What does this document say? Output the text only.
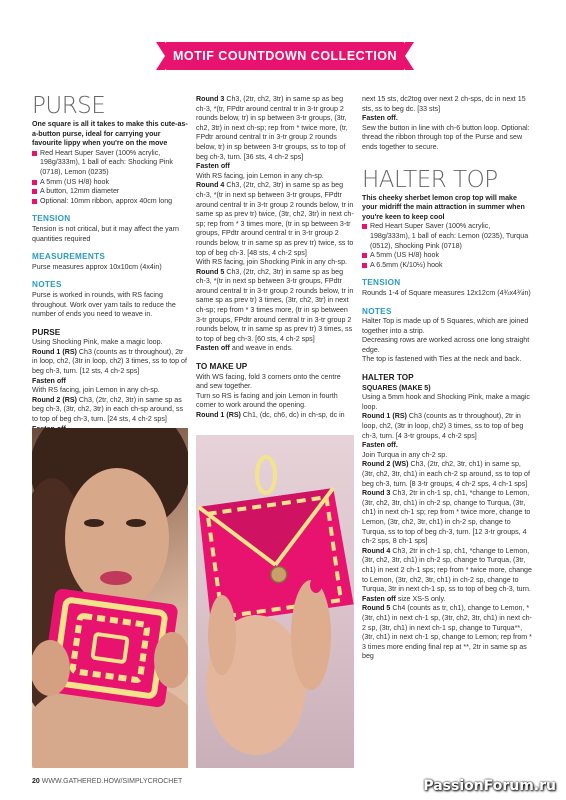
MOTIF COUNTDOWN COLLECTION
PURSE

One square is all it takes to make this cute-as-a-button purse, ideal for carrying your favourite lippy when you're on the move

Red Heart Super Saver (100% acrylic, 198g/333m), 1 ball of each: Shocking Pink (0718), Lemon (0235)
A 5mm (US H/8) hook
A button, 12mm diameter
Optional: 10mm ribbon, approx 40cm long
TENSION

Tension is not critical, but it may affect the yarn quantities required

MEASUREMENTS

Purse measures approx 10x10cm (4x4in)

NOTES

Purse is worked in rounds, with RS facing throughout. Work over yarn tails to reduce the number of ends you need to weave in.

PURSE

Using Shocking Pink, make a magic loop.

Round 1 (RS) Ch3 (counts as tr throughout), 2tr in loop, ch2, (3tr in loop, ch2) 3 times, ss to top of beg ch-3, turn. [12 sts, 4 ch-2 sps]

Fasten off

With RS facing, join Lemon in any ch-sp.

Round 2 (RS) Ch3, (2tr, ch2, 3tr) in same sp as beg ch-3, (3tr, ch2, 3tr) in each ch-sp around, ss to top of beg ch-3, turn. [24 sts, 4 ch-2 sps]

Round 3 Ch3, (2tr, ch2, 3tr) in same sp as beg ch-3, *(tr, FPdtr around central tr in 3-tr group 2 rounds below, tr) in sp between 3-tr groups, (3tr, ch2, 3tr) in next ch-sp; rep from * twice more, (tr, FPdtr around central tr in 3-tr group 2 rounds below, tr) in sp between 3-tr groups, ss to top of beg ch-3, turn. [36 sts, 4 ch-2 sps]

Fasten off

With RS facing, join Lemon in any ch-sp.

Round 4 Ch3, (2tr, ch2, 3tr) in same sp as beg ch-3, *(tr in next sp between 3-tr groups, FPdtr around central tr in 3-tr group 2 rounds below, tr in same sp as prev tr) twice, (3tr, ch2, 3tr) in next ch-sp; rep from * 3 times more, (tr in sp between 3-tr groups, FPdtr around central tr in 3-tr group 2 rounds below, tr in same sp as prev tr) twice, ss to top of beg ch-3. [48 sts, 4 ch-2 sps]

With RS facing, join Shocking Pink in any ch-sp.

Round 5 Ch3, (2tr, ch2, 3tr) in same sp as beg ch-3, *(tr in next sp between 3-tr groups, FPdtr around central tr in 3-tr group 2 rounds below, tr in same sp as prev tr) 3 times, (3tr, ch2, 3tr) in next ch-sp; rep from * 3 times more, (tr in sp between 3-tr groups, FPdtr around central tr in 3-tr group 2 rounds below, tr in same sp as prev tr) 3 times, ss to top of beg ch-3. [60 sts, 4 ch-2 sps]

Fasten off and weave in ends.

TO MAKE UP

With WS facing, fold 3 corners onto the centre and sew together.

Turn so RS is facing and join Lemon in fourth corner to work around the opening.

Round 1 (RS) Ch1, (dc, ch6, dc) in ch-sp, dc in

next 15 sts, dc2tog over next 2 ch-sps, dc in next 15 sts, ss to beg dc. [33 sts]

Fasten off.

Sew the button in line with ch-6 button loop. Optional: thread the ribbon through top of the Purse and sew ends together to secure.

HALTER TOP

This cheeky sherbet lemon crop top will make your midriff the main attraction in summer when you're keen to keep cool

Red Heart Super Saver (100% acrylic, 198g/333m), 1 ball of each: Lemon (0235), Turqua (0512), Shocking Pink (0718)
A 5mm (US H/8) hook
A 6.5mm (K/10½) hook
TENSION

Rounds 1-4 of Square measures 12x12cm (4¾x4¾in)

NOTES

Halter Top is made up of 5 Squares, which are joined together into a strip.

Decreasing rows are worked across one long straight edge.

The top is fastened with Ties at the neck and back.

HALTER TOP

SQUARES (MAKE 5)

Using a 5mm hook and Shocking Pink, make a magic loop.

Round 1 (RS) Ch3 (counts as tr throughout), 2tr in loop, ch2, (3tr in loop, ch2) 3 times, ss to top of beg ch-3, turn. [4 3-tr groups, 4 ch-2 sps]

Fasten off.

Join Turqua in any ch-2 sp.

Round 2 (WS) Ch3, (2tr, ch2, 3tr, ch1) in same sp, (3tr, ch2, 3tr, ch1) in each ch-2 sp around, ss to top of beg ch-3, turn. [8 3-tr groups, 4 ch-2 sps, 4 ch-1 sps]

Round 3 Ch3, 2tr in ch-1 sp, ch1, *change to Lemon, (3tr, ch2, 3tr, ch1) in ch-2 sp, change to Turqua, (3tr, ch1) in next ch-1 sp; rep from * twice more, change to Lemon, (3tr, ch2, 3tr, ch1) in ch-2 sp, change to Turqua, ss to top of beg ch-3, turn. [12 3-tr groups, 4 ch-2 sps, 8 ch-1 sps]

Round 4 Ch3, 2tr in ch-1 sp, ch1, *change to Lemon, (3tr, ch2, 3tr, ch1) in ch-2 sp, change to Turqua, (3tr, ch1) in next 2 ch-1 sps; rep from * twice more, change to Lemon, (3tr, ch2, 3tr, ch1) in ch-2 sp, change to Turqua, 3tr in next ch-1 sp, ss to top of beg ch-3, turn.

Fasten off size XS-S only.

Round 5 Ch4 (counts as tr, ch1), change to Lemon, *(3tr, ch1) in next ch-1 sp, (3tr, ch2, 3tr, ch1) in next ch-2 sp, (3tr, ch1) in next ch-1 sp, change to Turqua**, (3tr, ch1) in next ch-1 sp, change to Lemon; rep from * 3 times more ending final rep at **, 2tr in same sp as beg

20 WWW.GATHERED.HOW/SIMPLYCROCHET	PassionForum.ru
